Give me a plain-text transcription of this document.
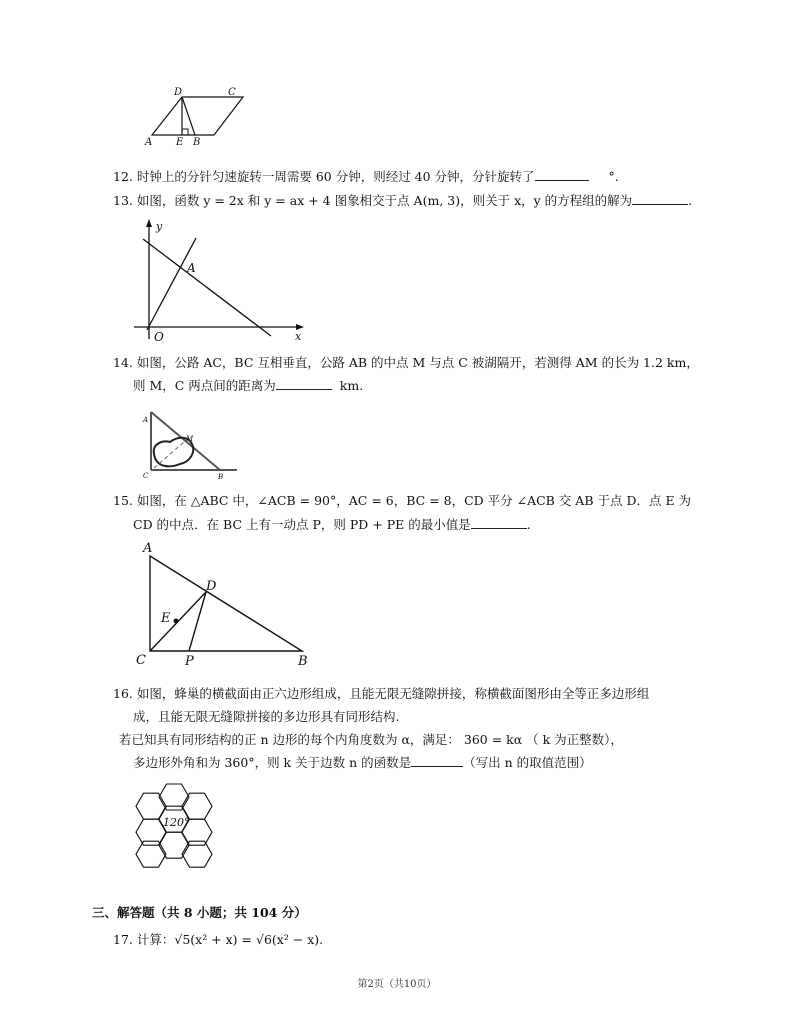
D	C
A E B
12. 时钟上的分针匀速旋转一周需要 60 分钟，则经过 40 分钟，分针旋转了	°.
13. 如图，函数 y = 2x 和 y = ax + 4 图象相交于点 A(m, 3)，则关于 x，y 的方程组的解为	.
y
x
O
A
14. 如图，公路 AC，BC 互相垂直，公路 AB 的中点 M 与点 C 被湖隔开，若测得 AM 的长为 1.2 km，
则 M，C 两点间的距离为	km.
A
M
C	B
15. 如图，在 △ABC 中，∠ACB = 90°，AC = 6，BC = 8，CD 平分 ∠ACB 交 AB 于点 D．点 E 为
CD 的中点．在 BC 上有一动点 P，则 PD + PE 的最小值是	.
A
D
E
C	P	B
16. 如图，蜂巢的横截面由正六边形组成，且能无限无缝隙拼接，称横截面图形由全等正多边形组
成，且能无限无缝隙拼接的多边形具有同形结构.
若已知具有同形结构的正 n 边形的每个内角度数为 α，满足： 360 = kα （ k 为正整数），
多边形外角和为 360°，则 k 关于边数 n 的函数是	（写出 n 的取值范围）
120°
三、解答题（共 8 小题；共 104 分）
17. 计算：√5(x² + x) = √6(x² − x).
第2页（共10页）
